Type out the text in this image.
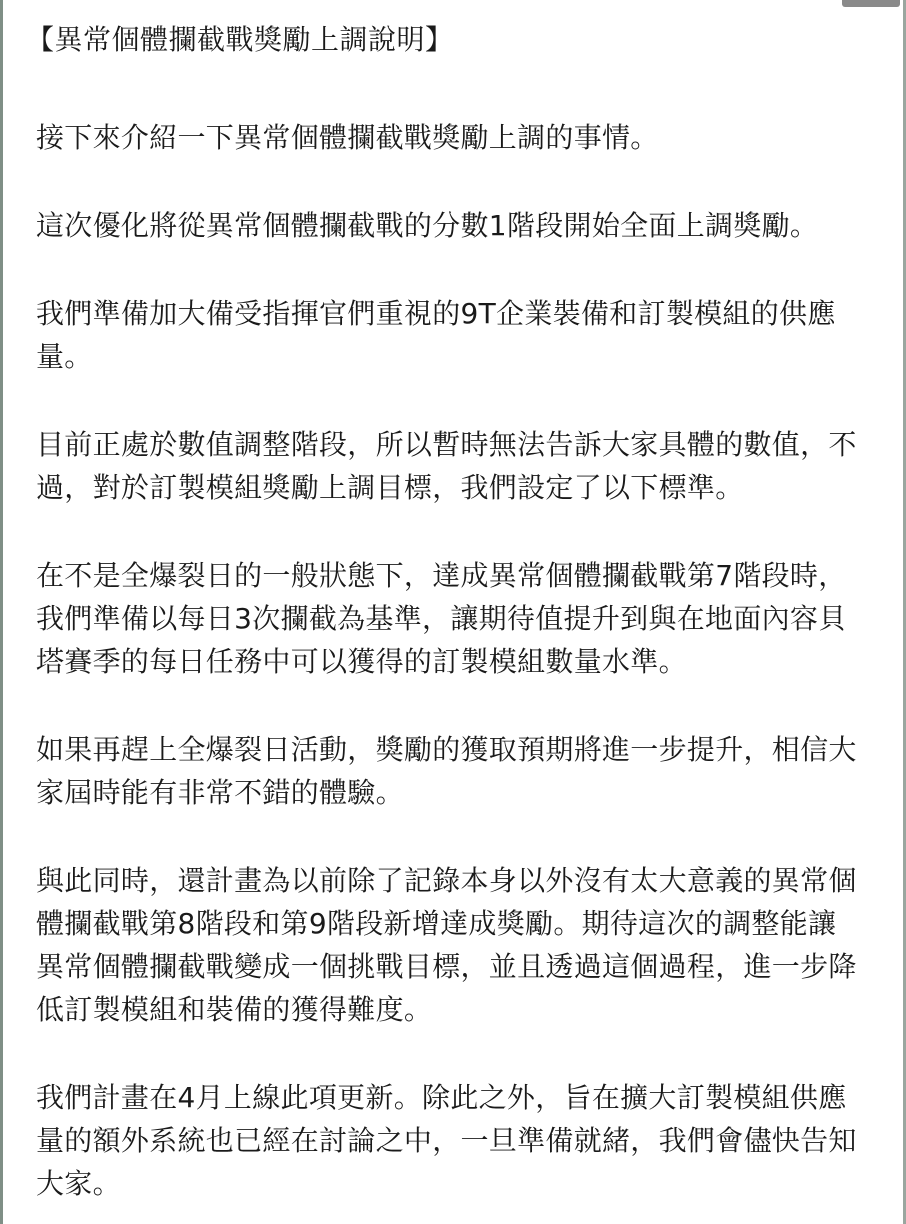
【異常個體攔截戰獎勵上調說明】

接下來介紹一下異常個體攔截戰獎勵上調的事情。

這次優化將從異常個體攔截戰的分數1階段開始全面上調獎勵。

我們準備加大備受指揮官們重視的9T企業裝備和訂製模組的供應
量。

目前正處於數值調整階段，所以暫時無法告訴大家具體的數值，不
過，對於訂製模組獎勵上調目標，我們設定了以下標準。

在不是全爆裂日的一般狀態下，達成異常個體攔截戰第7階段時，
我們準備以每日3次攔截為基準，讓期待值提升到與在地面內容貝
塔賽季的每日任務中可以獲得的訂製模組數量水準。

如果再趕上全爆裂日活動，獎勵的獲取預期將進一步提升，相信大
家屆時能有非常不錯的體驗。

與此同時，還計畫為以前除了記錄本身以外沒有太大意義的異常個
體攔截戰第8階段和第9階段新增達成獎勵。期待這次的調整能讓
異常個體攔截戰變成一個挑戰目標，並且透過這個過程，進一步降
低訂製模組和裝備的獲得難度。

我們計畫在4月上線此項更新。除此之外，旨在擴大訂製模組供應
量的額外系統也已經在討論之中，一旦準備就緒，我們會儘快告知
大家。
